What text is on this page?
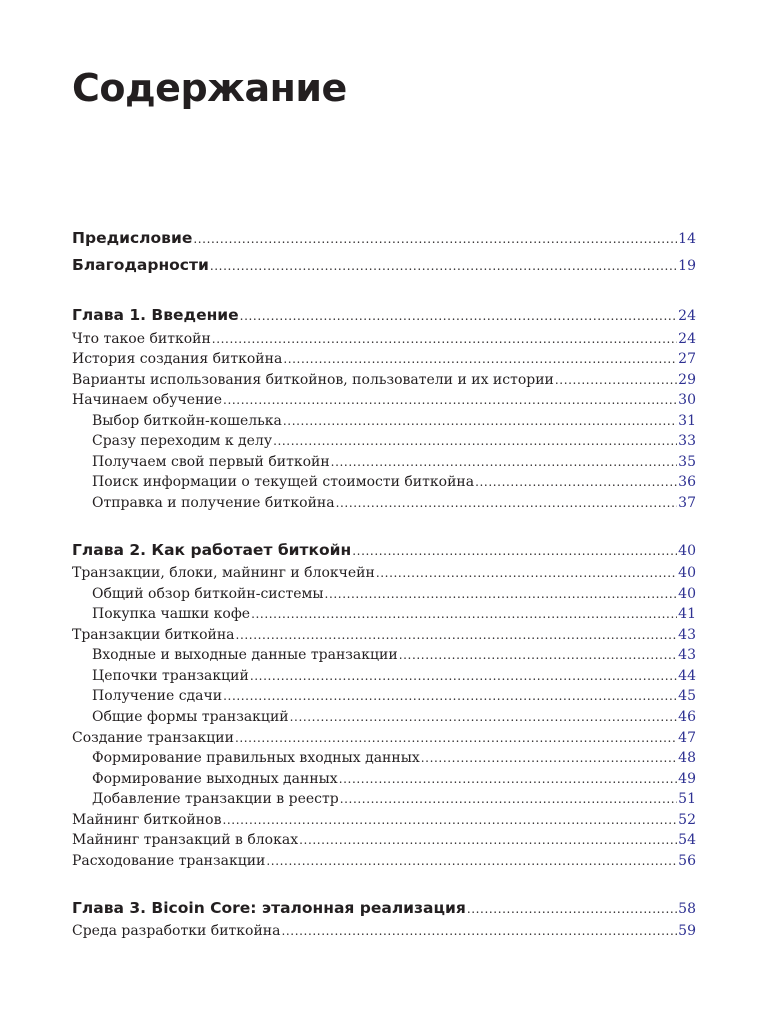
Содержание
Предисловие .....	14
Благодарности .....	19
Глава 1. Введение .....	24
Что такое биткойн .....	24
История создания биткойна .....	27
Варианты использования биткойнов, пользователи и их истории .....	29
Начинаем обучение .....	30
Выбор биткойн-кошелька .....	31
Сразу переходим к делу .....	33
Получаем свой первый биткойн .....	35
Поиск информации о текущей стоимости биткойна .....	36
Отправка и получение биткойна .....	37
Глава 2. Как работает биткойн .....	40
Транзакции, блоки, майнинг и блокчейн .....	40
Общий обзор биткойн-системы .....	40
Покупка чашки кофе .....	41
Транзакции биткойна .....	43
Входные и выходные данные транзакции .....	43
Цепочки транзакций .....	44
Получение сдачи .....	45
Общие формы транзакций .....	46
Создание транзакции .....	47
Формирование правильных входных данных .....	48
Формирование выходных данных .....	49
Добавление транзакции в реестр .....	51
Майнинг биткойнов .....	52
Майнинг транзакций в блоках .....	54
Расходование транзакции .....	56
Глава 3. Bicoin Core: эталонная реализация .....	58
Среда разработки биткойна .....	59
